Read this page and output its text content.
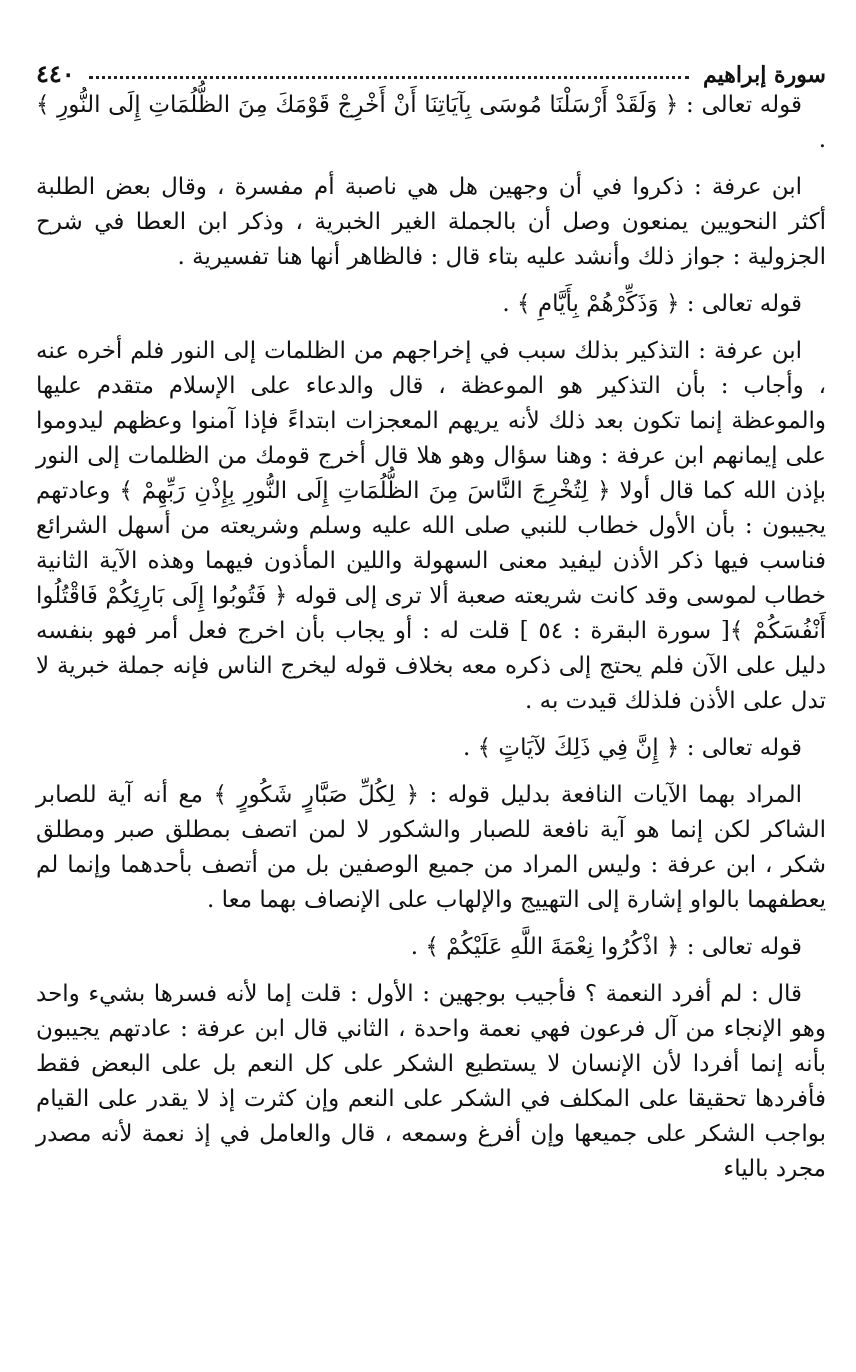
سورة إبراهيم
٤٤٠

قوله تعالى : ﴿ وَلَقَدْ أَرْسَلْنَا مُوسَى بِآيَاتِنَا أَنْ أَخْرِجْ قَوْمَكَ مِنَ الظُّلُمَاتِ إِلَى النُّورِ ﴾ .

ابن عرفة : ذكروا في أن وجهين هل هي ناصبة أم مفسرة ، وقال بعض الطلبة أكثر النحويين يمنعون وصل أن بالجملة الغير الخبرية ، وذكر ابن العطا في شرح الجزولية : جواز ذلك وأنشد عليه بتاء قال : فالظاهر أنها هنا تفسيرية .

قوله تعالى : ﴿ وَذَكِّرْهُمْ بِأَيَّامِ ﴾ .

ابن عرفة : التذكير بذلك سبب في إخراجهم من الظلمات إلى النور فلم أخره عنه ، وأجاب : بأن التذكير هو الموعظة ، قال والدعاء على الإسلام متقدم عليها والموعظة إنما تكون بعد ذلك لأنه يريهم المعجزات ابتداءً فإذا آمنوا وعظهم ليدوموا على إيمانهم ابن عرفة : وهنا سؤال وهو هلا قال أخرج قومك من الظلمات إلى النور بإذن الله كما قال أولا ﴿ لِتُخْرِجَ النَّاسَ مِنَ الظُّلُمَاتِ إِلَى النُّورِ بِإِذْنِ رَبِّهِمْ ﴾ وعادتهم يجيبون : بأن الأول خطاب للنبي صلى الله عليه وسلم وشريعته من أسهل الشرائع فناسب فيها ذكر الأذن ليفيد معنى السهولة واللين المأذون فيهما وهذه الآية الثانية خطاب لموسى وقد كانت شريعته صعبة ألا ترى إلى قوله ﴿ فَتُوبُوا إِلَى بَارِئِكُمْ فَاقْتُلُوا أَنْفُسَكُمْ ﴾[ سورة البقرة : ٥٤ ] قلت له : أو يجاب بأن اخرج فعل أمر فهو بنفسه دليل على الآن فلم يحتج إلى ذكره معه بخلاف قوله ليخرج الناس فإنه جملة خبرية لا تدل على الأذن فلذلك قيدت به .

قوله تعالى : ﴿ إِنَّ فِي ذَلِكَ لآيَاتٍ ﴾ .

المراد بهما الآيات النافعة بدليل قوله : ﴿ لِكُلِّ صَبَّارٍ شَكُورٍ ﴾ مع أنه آية للصابر الشاكر لكن إنما هو آية نافعة للصبار والشكور لا لمن اتصف بمطلق صبر ومطلق شكر ، ابن عرفة : وليس المراد من جميع الوصفين بل من أتصف بأحدهما وإنما لم يعطفهما بالواو إشارة إلى التهييج والإلهاب على الإنصاف بهما معا .

قوله تعالى : ﴿ اذْكُرُوا نِعْمَةَ اللَّهِ عَلَيْكُمْ ﴾ .

قال : لم أفرد النعمة ؟ فأجيب بوجهين : الأول : قلت إما لأنه فسرها بشيء واحد وهو الإنجاء من آل فرعون فهي نعمة واحدة ، الثاني قال ابن عرفة : عادتهم يجيبون بأنه إنما أفردا لأن الإنسان لا يستطيع الشكر على كل النعم بل على البعض فقط فأفردها تحقيقا على المكلف في الشكر على النعم وإن كثرت إذ لا يقدر على القيام بواجب الشكر على جميعها وإن أفرغ وسمعه ، قال والعامل في إذ نعمة لأنه مصدر مجرد بالياء
